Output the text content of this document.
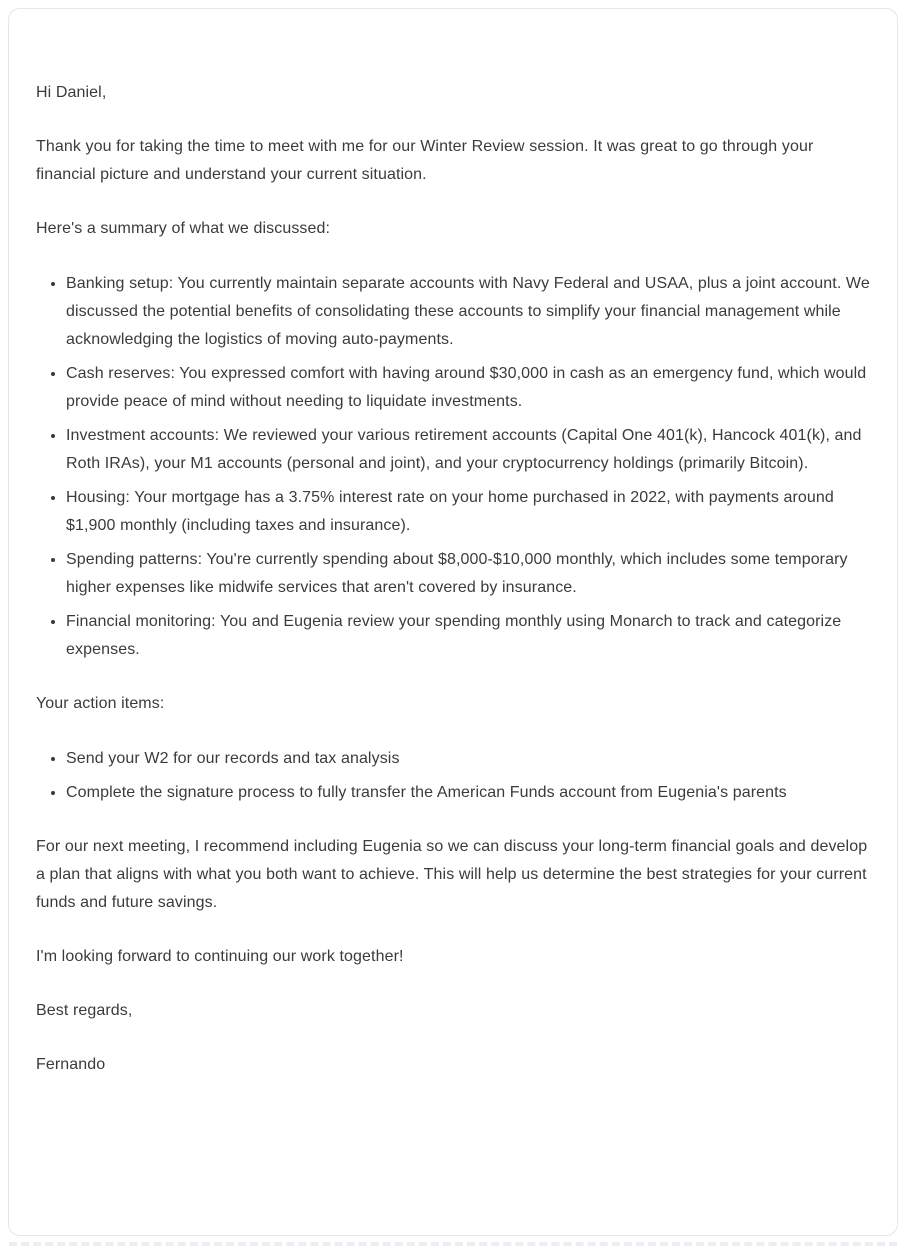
Hi Daniel,

Thank you for taking the time to meet with me for our Winter Review session. It was great to go through your financial picture and understand your current situation.

Here's a summary of what we discussed:

• Banking setup: You currently maintain separate accounts with Navy Federal and USAA, plus a joint account. We discussed the potential benefits of consolidating these accounts to simplify your financial management while acknowledging the logistics of moving auto-payments.
• Cash reserves: You expressed comfort with having around $30,000 in cash as an emergency fund, which would provide peace of mind without needing to liquidate investments.
• Investment accounts: We reviewed your various retirement accounts (Capital One 401(k), Hancock 401(k), and Roth IRAs), your M1 accounts (personal and joint), and your cryptocurrency holdings (primarily Bitcoin).
• Housing: Your mortgage has a 3.75% interest rate on your home purchased in 2022, with payments around $1,900 monthly (including taxes and insurance).
• Spending patterns: You're currently spending about $8,000-$10,000 monthly, which includes some temporary higher expenses like midwife services that aren't covered by insurance.
• Financial monitoring: You and Eugenia review your spending monthly using Monarch to track and categorize expenses.

Your action items:

• Send your W2 for our records and tax analysis
• Complete the signature process to fully transfer the American Funds account from Eugenia's parents

For our next meeting, I recommend including Eugenia so we can discuss your long-term financial goals and develop a plan that aligns with what you both want to achieve. This will help us determine the best strategies for your current funds and future savings.

I'm looking forward to continuing our work together!

Best regards,

Fernando
